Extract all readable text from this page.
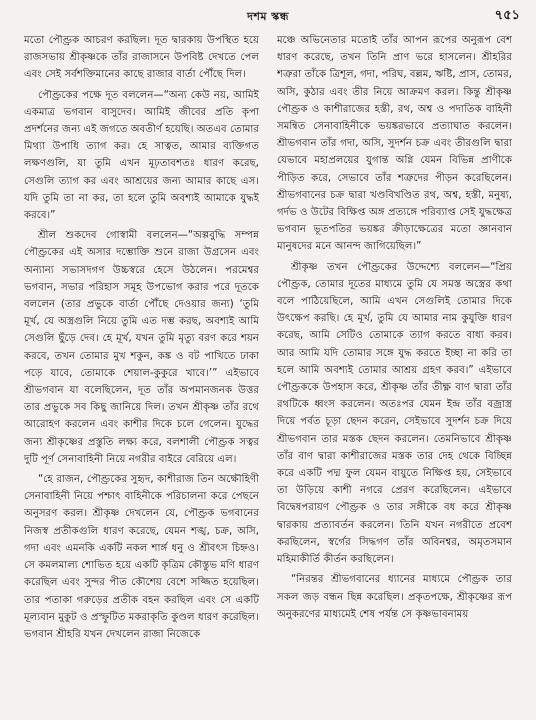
দশম স্কন্ধ	৭৫১

মতো পৌণ্ড্রক আচরণ করছিল। দূত দ্বারকায় উপস্থিত হয়ে রাজসভায় শ্রীকৃষ্ণকে তাঁর রাজাসনে উপবিষ্ট দেখতে পেল এবং সেই সর্বশক্তিমানের কাছে রাজার বার্তা পৌঁছে দিল।

পৌণ্ড্রকের পক্ষে দূত বললেন—“অন্য কেউ নয়, আমিই একমাত্র ভগবান বাসুদেব। আমিই জীবের প্রতি কৃপা প্রদর্শনের জন্য এই জগতে অবতীর্ণ হয়েছি। অতএব তোমার মিথ্যা উপাধি ত্যাগ কর। হে সাত্বত, আমার ব্যক্তিগত লক্ষণগুলি, যা তুমি এখন মূঢ়তাবশতঃ ধারণ করেছ, সেগুলি ত্যাগ কর এবং আশ্রয়ের জন্য আমার কাছে এস। যদি তুমি তা না কর, তা হলে তুমি অবশ্যই আমাকে যুদ্ধই করবে।”

শ্রীল শুকদেব গোস্বামী বললেন—“অল্পবুদ্ধি সম্পন্ন পৌণ্ড্রকের এই অসার দম্ভোক্তি শুনে রাজা উগ্রসেন এবং অন্যান্য সভাসদগণ উচ্চস্বরে হেসে উঠলেন। পরমেশ্বর ভগবান, সভার পরিহাস সমূহ উপভোগ করার পরে দূতকে বললেন (তার প্রভুকে বার্তা পৌঁছে দেওয়ার জন্য) ‘তুমি মূর্খ, যে অস্ত্রগুলি নিয়ে তুমি এত দম্ভ করছ, অবশ্যই আমি সেগুলি ছুঁড়ে দেব। হে মূর্খ, যখন তুমি মৃত্যু বরণ করে শয়ন করবে, তখন তোমার মুখ শকুন, কঙ্ক ও বট পাখিতে ঢাকা পড়ে যাবে, তোমাকে শেয়াল-কুকুরে খাবে।’” এইভাবে শ্রীভগবান যা বলেছিলেন, দূত তাঁর অপমানজনক উত্তর তার প্রভুকে সব কিছু জানিয়ে দিল। তখন শ্রীকৃষ্ণ তাঁর রথে আরোহণ করলেন এবং কাশীর দিকে চলে গেলেন। যুদ্ধের জন্য শ্রীকৃষ্ণের প্রস্তুতি লক্ষ্য করে, বলশালী পৌণ্ড্রক সত্বর দুটি পূর্ণ সেনাবাহিনী নিয়ে নগরীর বাইরে বেরিয়ে এল।

“হে রাজন, পৌণ্ড্রকের সুহৃদ, কাশীরাজ তিন অক্ষৌহিণী সেনাবাহিনী নিয়ে পশ্চাৎ বাহিনীকে পরিচালনা করে পেছনে অনুসরণ করল। শ্রীকৃষ্ণ দেখলেন যে, পৌণ্ড্রক ভগবানের নিজস্ব প্রতীকগুলি ধারণ করেছে, যেমন শঙ্খ, চক্র, অসি, গদা এবং এমনকি একটি নকল শার্ঙ্গ ধনু ও শ্রীবৎস চিহ্নও। সে কমলমাল্য শোভিত হয়ে একটি কৃত্রিম কৌস্তুভ মণি ধারণ করেছিল এবং সুন্দর পীত কৌশেয় বেশে সজ্জিত হয়েছিল। তার পতাকা গরুড়ের প্রতীক বহন করছিল এবং সে একটি মূল্যবান মুকুট ও প্রস্ফুটিত মকরাকৃতি কুণ্ডল ধারণ করেছিল। ভগবান শ্রীহরি যখন দেখলেন রাজা নিজেকে

মঞ্চে অভিনেতার মতোই তাঁর আপন রূপের অনুরূপ বেশ ধারণ করেছে, তখন তিনি প্রাণ ভরে হাসলেন। শ্রীহরির শত্রুরা তাঁকে ত্রিশূল, গদা, পরিঘ, বল্লম, ঋষ্টি, প্রাস, তোমর, অসি, কুঠার এবং তীর নিয়ে আক্রমণ করল। কিন্তু শ্রীকৃষ্ণ পৌণ্ড্রক ও কাশীরাজের হস্তী, রথ, অশ্ব ও পদাতিক বাহিনী সমন্বিত সেনাবাহিনীকে ভয়ঙ্করভাবে প্রত্যাঘাত করলেন। শ্রীভগবান তাঁর গদা, অসি, সুদর্শন চক্র এবং তীরগুলি দ্বারা যেভাবে মহাপ্রলয়ের যুগান্ত অগ্নি যেমন বিভিন্ন প্রাণীকে পীড়িত করে, সেভাবে তাঁর শত্রুদের পীড়ন করেছিলেন। শ্রীভগবানের চক্র দ্বারা খণ্ডবিখণ্ডিত রথ, অশ্ব, হস্তী, মনুষ্য, গর্দভ ও উটের বিক্ষিপ্ত অঙ্গ প্রত্যঙ্গে পরিব্যাপ্ত সেই যুদ্ধক্ষেত্র ভগবান ভূতপতির ভয়ঙ্কর ক্রীড়াক্ষেত্রের মতো জ্ঞানবান মানুষদের মনে আনন্দ জাগিয়েছিল।”

শ্রীকৃষ্ণ তখন পৌণ্ড্রকের উদ্দেশ্যে বললেন—“প্রিয় পৌণ্ড্রক, তোমার দূতের মাধ্যমে তুমি যে সমস্ত অস্ত্রের কথা বলে পাঠিয়েছিলে, আমি এখন সেগুলিই তোমার দিকে উৎক্ষেপ করছি। হে মূর্খ, তুমি যে আমার নাম কুযুক্তি ধারণ করেছ, আমি সেটিও তোমাকে ত্যাগ করতে বাধ্য করব। আর আমি যদি তোমার সঙ্গে যুদ্ধ করতে ইচ্ছা না করি তা হলে আমি অবশ্যই তোমার আশ্রয় গ্রহণ করব।” এইভাবে পৌণ্ড্রককে উপহাস করে, শ্রীকৃষ্ণ তাঁর তীক্ষ্ণ বাণ দ্বারা তাঁর রথটিকে ধ্বংস করলেন। অতঃপর যেমন ইন্দ্র তাঁর বজ্রাস্ত্র দিয়ে পর্বত চূড়া ছেদন করেন, সেইভাবে সুদর্শন চক্র দিয়ে শ্রীভগবান তার মস্তক ছেদন করলেন। তেমনিভাবে শ্রীকৃষ্ণ তাঁর বাণ দ্বারা কাশীরাজের মস্তক তার দেহ থেকে বিচ্ছিন্ন করে একটি পদ্ম ফুল যেমন বায়ুতে নিক্ষিপ্ত হয়, সেইভাবে তা উড়িয়ে কাশী নগরে প্রেরণ করেছিলেন। এইভাবে বিদ্বেষপরায়ণ পৌণ্ড্রক ও তার সঙ্গীকে বধ করে শ্রীকৃষ্ণ দ্বারকায় প্রত্যাবর্তন করলেন। তিনি যখন নগরীতে প্রবেশ করছিলেন, স্বর্গের সিদ্ধগণ তাঁর অবিনশ্বর, অমৃতসমান মহিমাকীর্তি কীর্তন করছিলেন।

“নিরন্তর শ্রীভগবানের ধ্যানের মাধ্যমে পৌণ্ড্রক তার সকল জড় বন্ধন ছিন্ন করেছিল। প্রকৃতপক্ষে, শ্রীকৃষ্ণের রূপ অনুকরণের মাধ্যমেই শেষ পর্যন্ত সে কৃষ্ণভাবনাময়
